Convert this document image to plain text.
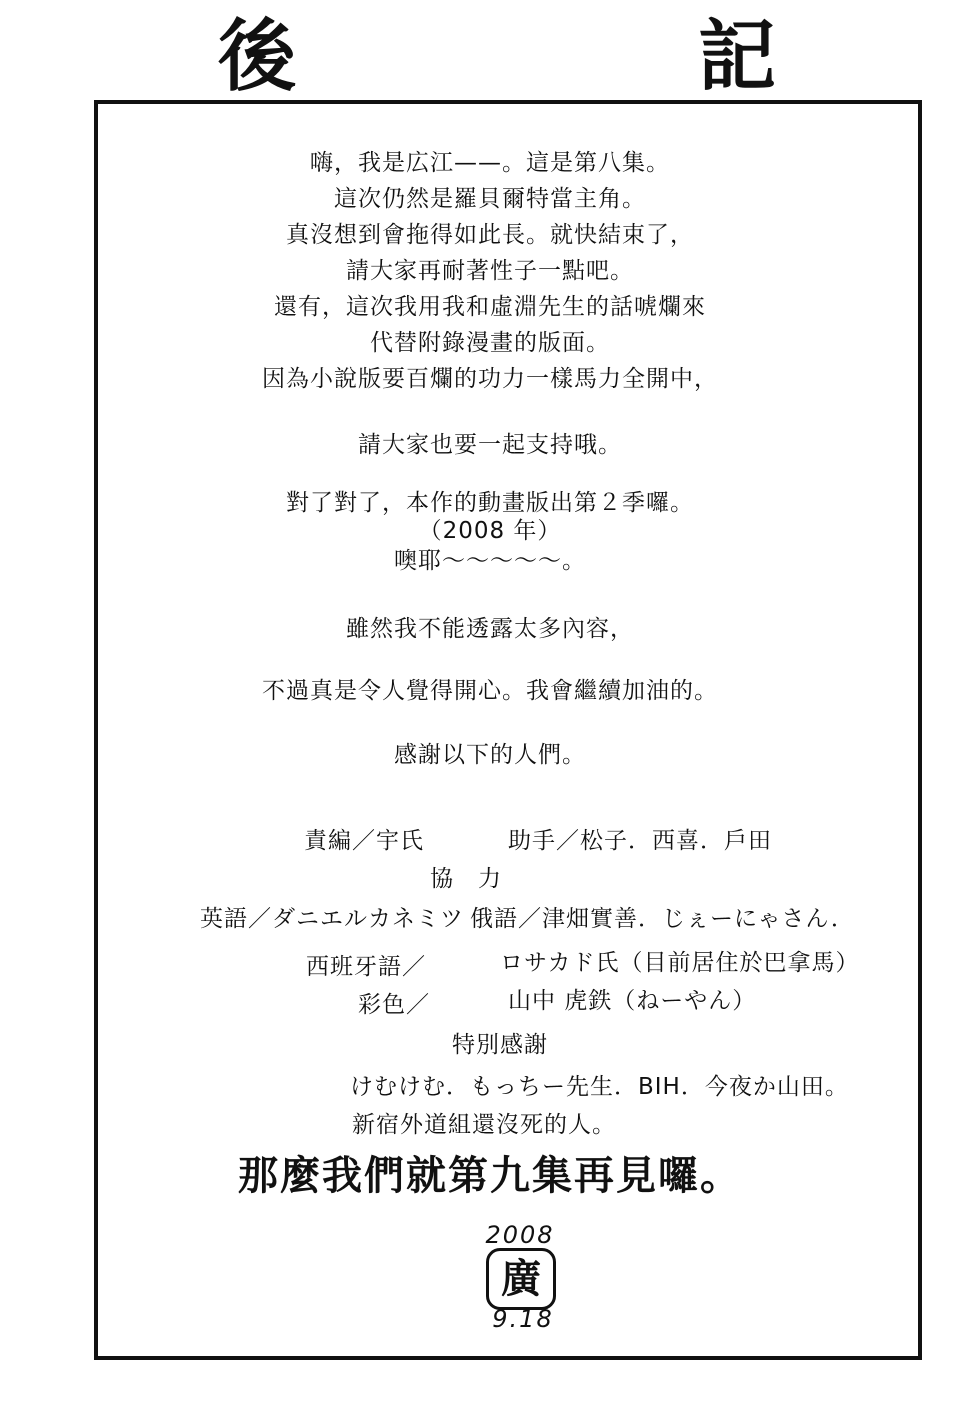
後	記
嗨，我是広江——。這是第八集。
這次仍然是羅貝爾特當主角。
真沒想到會拖得如此長。就快結束了，
請大家再耐著性子一點吧。
還有，這次我用我和虛淵先生的話唬爛來
代替附錄漫畫的版面。
因為小說版要百爛的功力一樣馬力全開中，
請大家也要一起支持哦。
對了對了，本作的動畫版出第２季囉。
（2008 年）
噢耶～～～～～。
雖然我不能透露太多內容，
不過真是令人覺得開心。我會繼續加油的。
感謝以下的人們。
責編／宇氏	助手／松子．西喜．戶田
協　力
英語／ダニエルカネミツ 俄語／津畑實善．じぇーにゃさん．
西班牙語／	ロサカド氏（目前居住於巴拿馬）
彩色／	山中 虎鉄（ねーやん）
特別感謝
けむけむ．もっちー先生．BIH．今夜か山田。
新宿外道組還沒死的人。
那麼我們就第九集再見囉。
2008
廣
9.18
